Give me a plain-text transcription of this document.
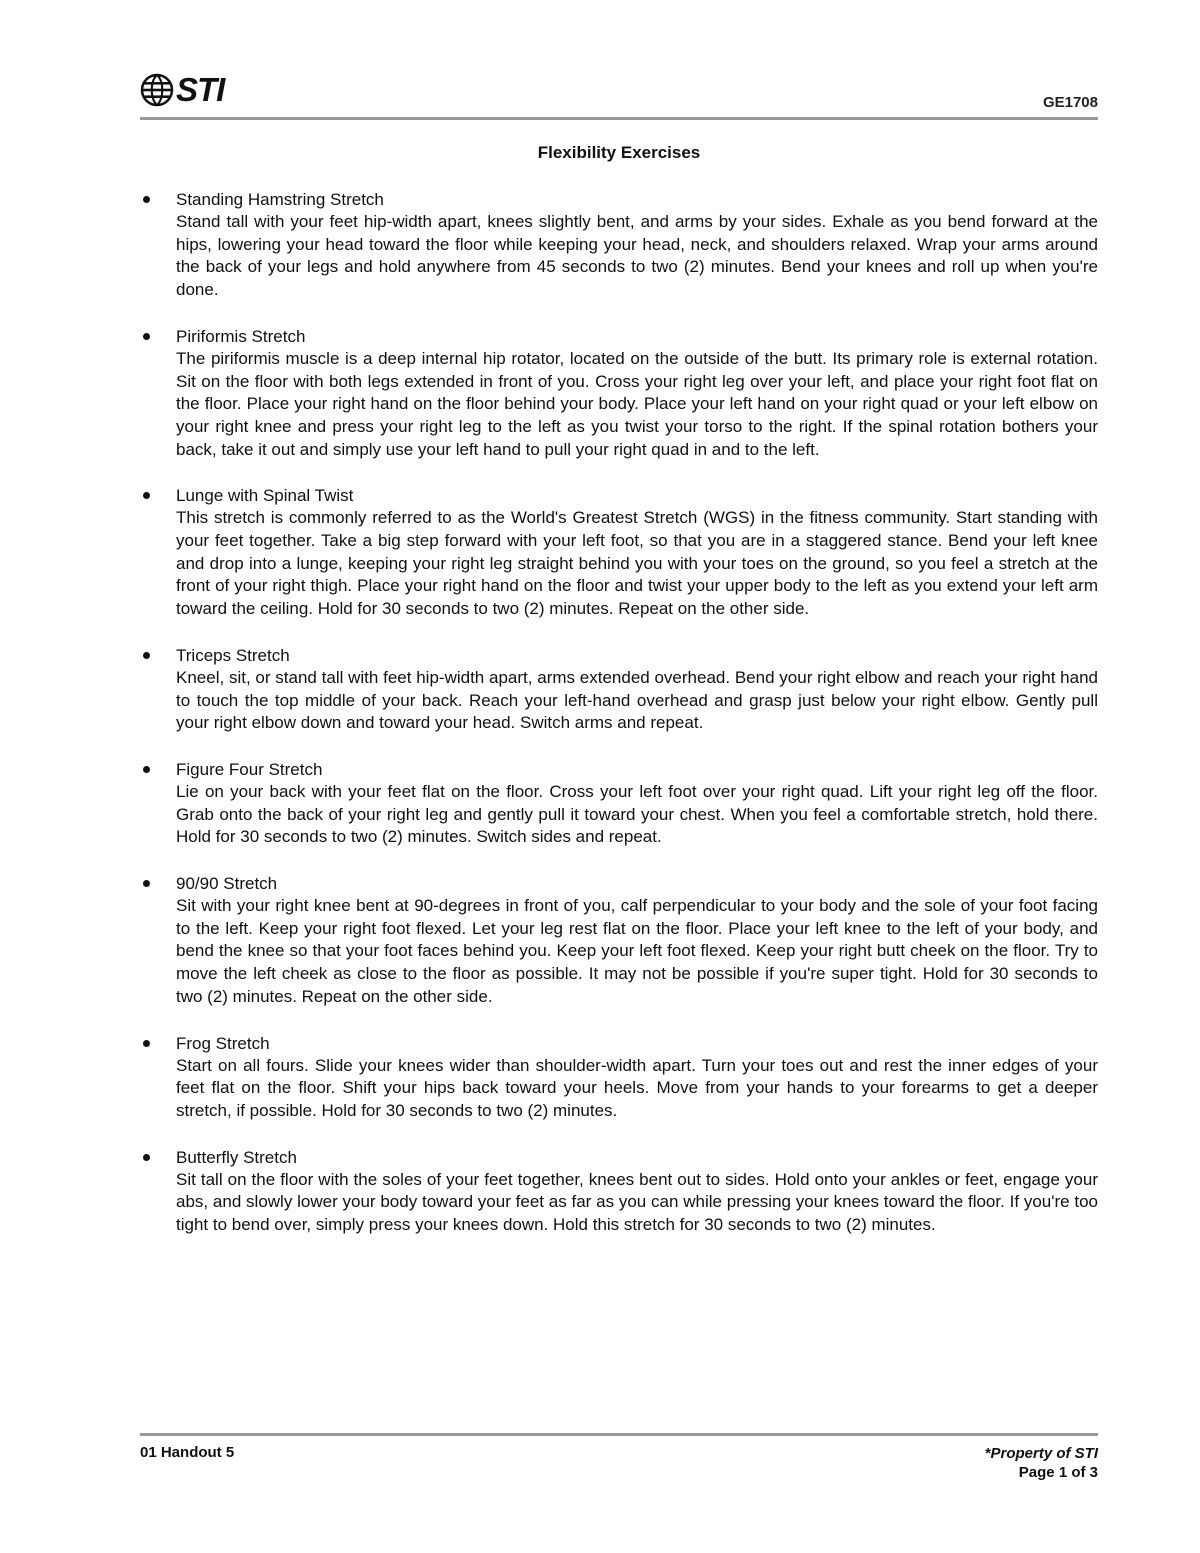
STI	GE1708
Flexibility Exercises
Standing Hamstring Stretch

Stand tall with your feet hip-width apart, knees slightly bent, and arms by your sides. Exhale as you bend forward at the hips, lowering your head toward the floor while keeping your head, neck, and shoulders relaxed. Wrap your arms around the back of your legs and hold anywhere from 45 seconds to two (2) minutes. Bend your knees and roll up when you're done.

Piriformis Stretch

The piriformis muscle is a deep internal hip rotator, located on the outside of the butt. Its primary role is external rotation. Sit on the floor with both legs extended in front of you. Cross your right leg over your left, and place your right foot flat on the floor. Place your right hand on the floor behind your body. Place your left hand on your right quad or your left elbow on your right knee and press your right leg to the left as you twist your torso to the right. If the spinal rotation bothers your back, take it out and simply use your left hand to pull your right quad in and to the left.

Lunge with Spinal Twist

This stretch is commonly referred to as the World's Greatest Stretch (WGS) in the fitness community. Start standing with your feet together. Take a big step forward with your left foot, so that you are in a staggered stance. Bend your left knee and drop into a lunge, keeping your right leg straight behind you with your toes on the ground, so you feel a stretch at the front of your right thigh. Place your right hand on the floor and twist your upper body to the left as you extend your left arm toward the ceiling. Hold for 30 seconds to two (2) minutes. Repeat on the other side.

Triceps Stretch

Kneel, sit, or stand tall with feet hip-width apart, arms extended overhead. Bend your right elbow and reach your right hand to touch the top middle of your back. Reach your left-hand overhead and grasp just below your right elbow. Gently pull your right elbow down and toward your head. Switch arms and repeat.

Figure Four Stretch

Lie on your back with your feet flat on the floor. Cross your left foot over your right quad. Lift your right leg off the floor. Grab onto the back of your right leg and gently pull it toward your chest. When you feel a comfortable stretch, hold there. Hold for 30 seconds to two (2) minutes. Switch sides and repeat.

90/90 Stretch

Sit with your right knee bent at 90-degrees in front of you, calf perpendicular to your body and the sole of your foot facing to the left. Keep your right foot flexed. Let your leg rest flat on the floor. Place your left knee to the left of your body, and bend the knee so that your foot faces behind you. Keep your left foot flexed. Keep your right butt cheek on the floor. Try to move the left cheek as close to the floor as possible. It may not be possible if you're super tight. Hold for 30 seconds to two (2) minutes. Repeat on the other side.

Frog Stretch

Start on all fours. Slide your knees wider than shoulder-width apart. Turn your toes out and rest the inner edges of your feet flat on the floor. Shift your hips back toward your heels. Move from your hands to your forearms to get a deeper stretch, if possible. Hold for 30 seconds to two (2) minutes.

Butterfly Stretch

Sit tall on the floor with the soles of your feet together, knees bent out to sides. Hold onto your ankles or feet, engage your abs, and slowly lower your body toward your feet as far as you can while pressing your knees toward the floor. If you're too tight to bend over, simply press your knees down. Hold this stretch for 30 seconds to two (2) minutes.

01 Handout 5	*Property of STI
Page 1 of 3
